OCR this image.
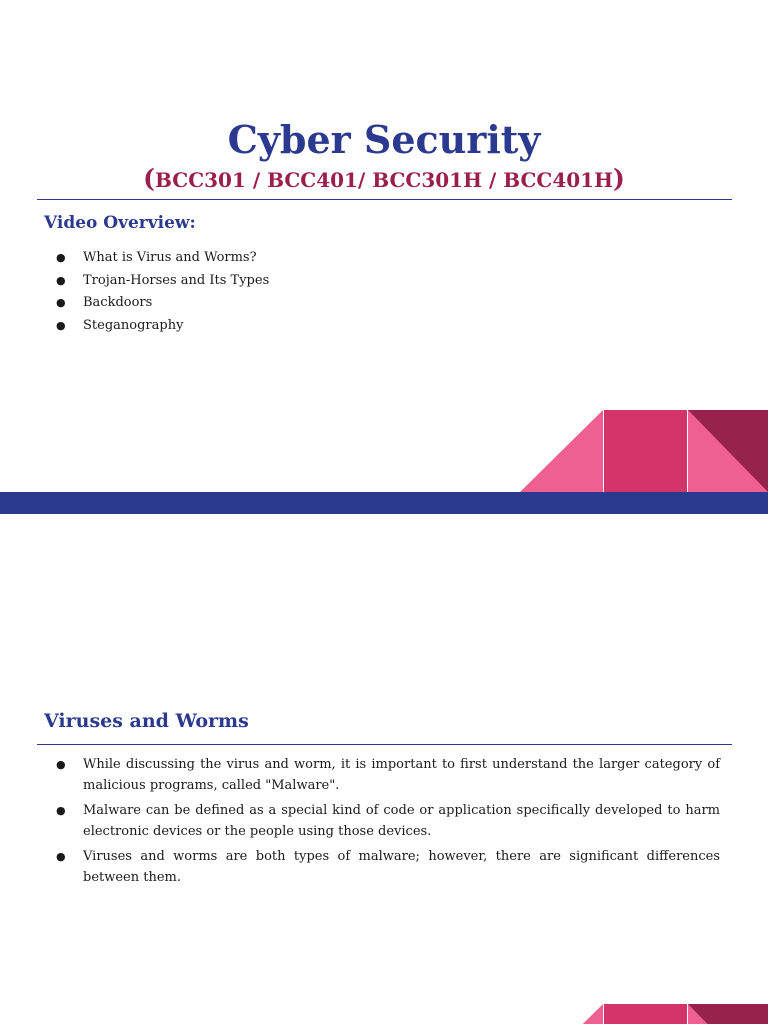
Cyber Security
(BCC301 / BCC401/ BCC301H / BCC401H)
Video Overview:
● What is Virus and Worms?
● Trojan-Horses and Its Types
● Backdoors
● Steganography
Viruses and Worms
● While discussing the virus and worm, it is important to first understand the larger category of malicious programs, called "Malware".
● Malware can be defined as a special kind of code or application specifically developed to harm electronic devices or the people using those devices.
● Viruses and worms are both types of malware; however, there are significant differences between them.
